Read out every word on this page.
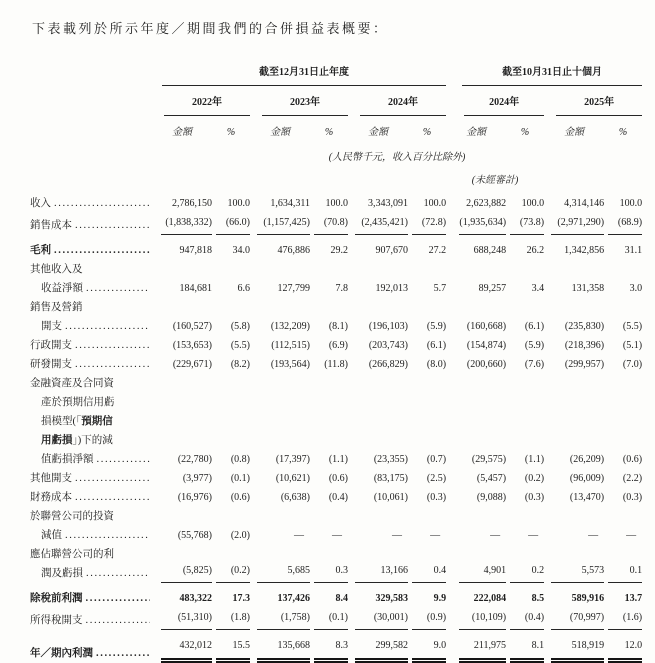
下表載列於所示年度／期間我們的合併損益表概要：

	截至12月31日止年度						截至10月31日止十個月			

	2022年		2023年		2024年		2024年		2025年	

	金額	%	金額	%	金額	%	金額	%	金額	%
	(人民幣千元，收入百分比除外)									
							(未經審計)			

收入
.....	2,786,150	100.0	1,634,311	100.0	3,343,091	100.0	2,623,882	100.0	4,314,146	100.0

銷售成本
.....	(1,838,332)	(66.0)	(1,157,425)	(70.8)	(2,435,421)	(72.8)	(1,935,634)	(73.8)	(2,971,290)	(68.9)

毛利
.....	947,818	34.0	476,886	29.2	907,670	27.2	688,248	26.2	1,342,856	31.1

其他收入及
收益淨額
.....	184,681	6.6	127,799	7.8	192,013	5.7	89,257	3.4	131,358	3.0

銷售及營銷
開支
.....	(160,527)	(5.8)	(132,209)	(8.1)	(196,103)	(5.9)	(160,668)	(6.1)	(235,830)	(5.5)

行政開支
.....	(153,653)	(5.5)	(112,515)	(6.9)	(203,743)	(6.1)	(154,874)	(5.9)	(218,396)	(5.1)

研發開支
.....	(229,671)	(8.2)	(193,564)	(11.8)	(266,829)	(8.0)	(200,660)	(7.6)	(299,957)	(7.0)

金融資產及合同資
產於預期信用虧
損模型(「 預期信
用虧損 」)下的減
值虧損淨額
.....	(22,780)	(0.8)	(17,397)	(1.1)	(23,355)	(0.7)	(29,575)	(1.1)	(26,209)	(0.6)

其他開支
.....	(3,977)	(0.1)	(10,621)	(0.6)	(83,175)	(2.5)	(5,457)	(0.2)	(96,009)	(2.2)

財務成本
.....	(16,976)	(0.6)	(6,638)	(0.4)	(10,061)	(0.3)	(9,088)	(0.3)	(13,470)	(0.3)

於聯營公司的投資
減值
.....	(55,768)	(2.0)	—	—	—	—	—	—	—	—

應佔聯營公司的利
潤及虧損
.....	(5,825)	(0.2)	5,685	0.3	13,166	0.4	4,901	0.2	5,573	0.1

除稅前利潤
.....	483,322	17.3	137,426	8.4	329,583	9.9	222,084	8.5	589,916	13.7

所得稅開支
.....	(51,310)	(1.8)	(1,758)	(0.1)	(30,001)	(0.9)	(10,109)	(0.4)	(70,997)	(1.6)

年／期內利潤
.....	432,012	15.5	135,668	8.3	299,582	9.0	211,975	8.1	518,919	12.0
